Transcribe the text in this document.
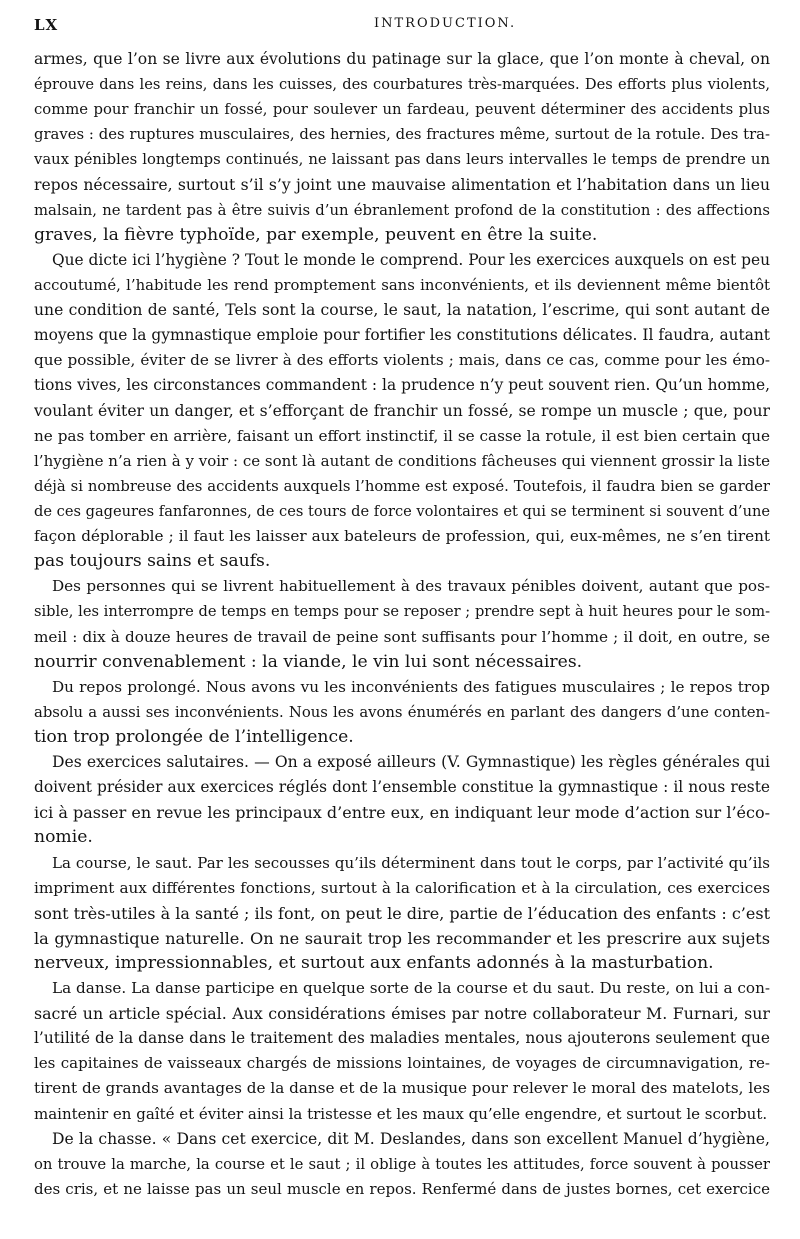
LX	INTRODUCTION.
armes, que l’on se livre aux évolutions du patinage sur la glace, que l’on monte à cheval, on
éprouve dans les reins, dans les cuisses, des courbatures très-marquées. Des efforts plus violents,
comme pour franchir un fossé, pour soulever un fardeau, peuvent déterminer des accidents plus
graves : des ruptures musculaires, des hernies, des fractures même, surtout de la rotule. Des tra-
vaux pénibles longtemps continués, ne laissant pas dans leurs intervalles le temps de prendre un
repos nécessaire, surtout s’il s’y joint une mauvaise alimentation et l’habitation dans un lieu
malsain, ne tardent pas à être suivis d’un ébranlement profond de la constitution : des affections
graves, la fièvre typhoïde, par exemple, peuvent en être la suite.
Que dicte ici l’hygiène ? Tout le monde le comprend. Pour les exercices auxquels on est peu
accoutumé, l’habitude les rend promptement sans inconvénients, et ils deviennent même bientôt
une condition de santé, Tels sont la course, le saut, la natation, l’escrime, qui sont autant de
moyens que la gymnastique emploie pour fortifier les constitutions délicates. Il faudra, autant
que possible, éviter de se livrer à des efforts violents ; mais, dans ce cas, comme pour les émo-
tions vives, les circonstances commandent : la prudence n’y peut souvent rien. Qu’un homme,
voulant éviter un danger, et s’efforçant de franchir un fossé, se rompe un muscle ; que, pour
ne pas tomber en arrière, faisant un effort instinctif, il se casse la rotule, il est bien certain que
l’hygiène n’a rien à y voir : ce sont là autant de conditions fâcheuses qui viennent grossir la liste
déjà si nombreuse des accidents auxquels l’homme est exposé. Toutefois, il faudra bien se garder
de ces gageures fanfaronnes, de ces tours de force volontaires et qui se terminent si souvent d’une
façon déplorable ; il faut les laisser aux bateleurs de profession, qui, eux-mêmes, ne s’en tirent
pas toujours sains et saufs.
Des personnes qui se livrent habituellement à des travaux pénibles doivent, autant que pos-
sible, les interrompre de temps en temps pour se reposer ; prendre sept à huit heures pour le som-
meil : dix à douze heures de travail de peine sont suffisants pour l’homme ; il doit, en outre, se
nourrir convenablement : la viande, le vin lui sont nécessaires.
Du repos prolongé. Nous avons vu les inconvénients des fatigues musculaires ; le repos trop
absolu a aussi ses inconvénients. Nous les avons énumérés en parlant des dangers d’une conten-
tion trop prolongée de l’intelligence.
Des exercices salutaires. — On a exposé ailleurs (V. Gymnastique) les règles générales qui
doivent présider aux exercices réglés dont l’ensemble constitue la gymnastique : il nous reste
ici à passer en revue les principaux d’entre eux, en indiquant leur mode d’action sur l’éco-
nomie.
La course, le saut. Par les secousses qu’ils déterminent dans tout le corps, par l’activité qu’ils
impriment aux différentes fonctions, surtout à la calorification et à la circulation, ces exercices
sont très-utiles à la santé ; ils font, on peut le dire, partie de l’éducation des enfants : c’est
la gymnastique naturelle. On ne saurait trop les recommander et les prescrire aux sujets
nerveux, impressionnables, et surtout aux enfants adonnés à la masturbation.
La danse. La danse participe en quelque sorte de la course et du saut. Du reste, on lui a con-
sacré un article spécial. Aux considérations émises par notre collaborateur M. Furnari, sur
l’utilité de la danse dans le traitement des maladies mentales, nous ajouterons seulement que
les capitaines de vaisseaux chargés de missions lointaines, de voyages de circumnavigation, re-
tirent de grands avantages de la danse et de la musique pour relever le moral des matelots, les
maintenir en gaîté et éviter ainsi la tristesse et les maux qu’elle engendre, et surtout le scorbut.
De la chasse. « Dans cet exercice, dit M. Deslandes, dans son excellent Manuel d’hygiène,
on trouve la marche, la course et le saut ; il oblige à toutes les attitudes, force souvent à pousser
des cris, et ne laisse pas un seul muscle en repos. Renfermé dans de justes bornes, cet exercice
